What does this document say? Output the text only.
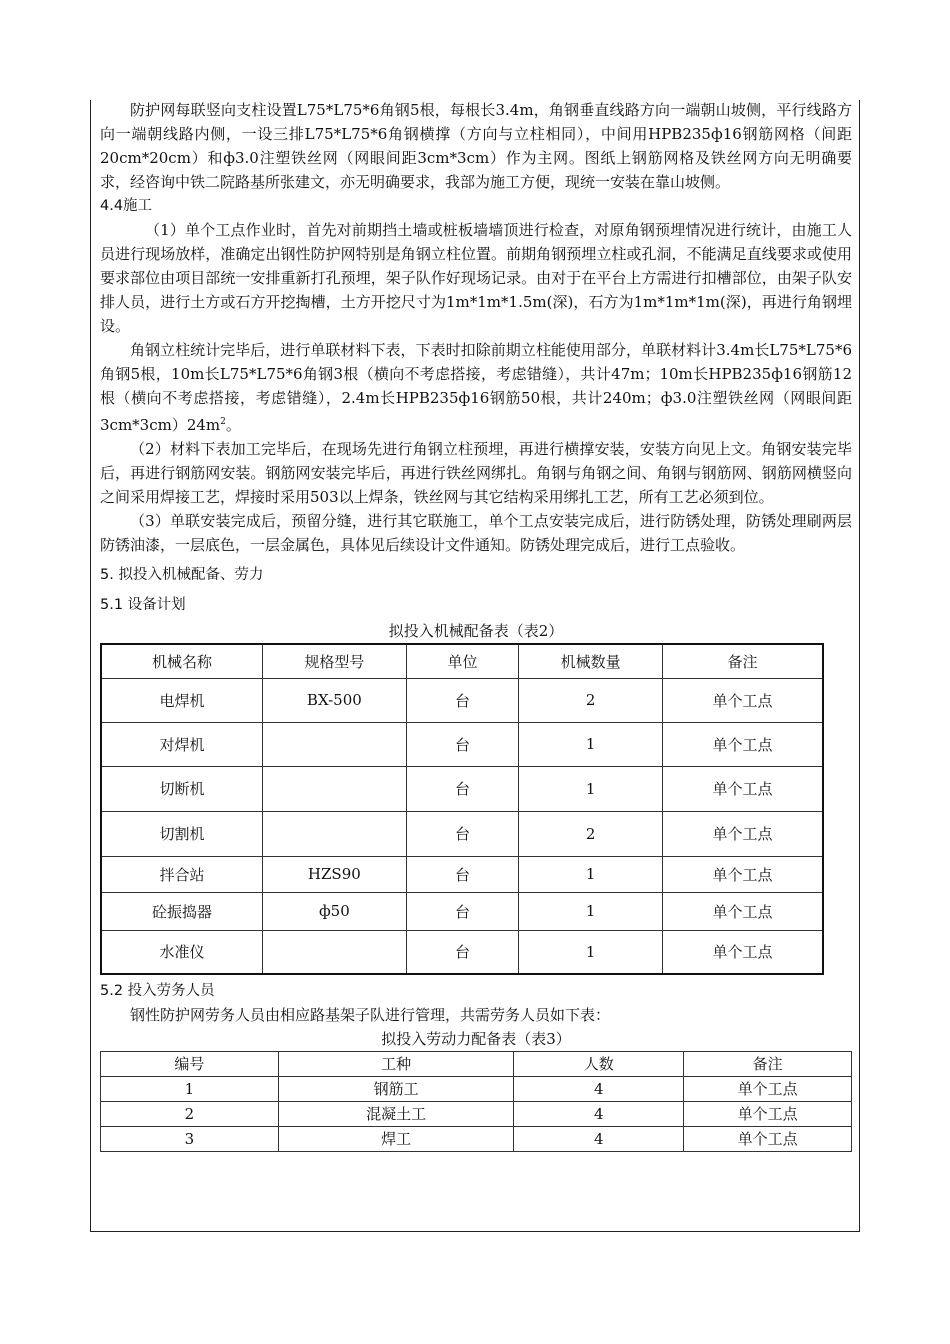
防护网每联竖向支柱设置L75*L75*6角钢5根，每根长3.4m，角钢垂直线路方向一端朝山坡侧，平行线路方向一端朝线路内侧，一设三排L75*L75*6角钢横撑（方向与立柱相同），中间用HPB235ф16钢筋网格（间距20cm*20cm）和ф3.0注塑铁丝网（网眼间距3cm*3cm）作为主网。图纸上钢筋网格及铁丝网方向无明确要求，经咨询中铁二院路基所张建文，亦无明确要求，我部为施工方便，现统一安装在靠山坡侧。

4.4施工

（1）单个工点作业时，首先对前期挡土墙或桩板墙墙顶进行检查，对原角钢预埋情况进行统计，由施工人员进行现场放样，准确定出钢性防护网特别是角钢立柱位置。前期角钢预埋立柱或孔洞，不能满足直线要求或使用要求部位由项目部统一安排重新打孔预埋，架子队作好现场记录。由对于在平台上方需进行扣槽部位，由架子队安排人员，进行土方或石方开挖掏槽，土方开挖尺寸为1m*1m*1.5m(深)，石方为1m*1m*1m(深)，再进行角钢埋设。

角钢立柱统计完毕后，进行单联材料下表，下表时扣除前期立柱能使用部分，单联材料计3.4m长L75*L75*6角钢5根，10m长L75*L75*6角钢3根（横向不考虑搭接，考虑错缝），共计47m；10m长HPB235ф16钢筋12根（横向不考虑搭接，考虑错缝），2.4m长HPB235ф16钢筋50根，共计240m；ф3.0注塑铁丝网（网眼间距$3cm*3cm)24m^2$。

（2）材料下表加工完毕后，在现场先进行角钢立柱预埋，再进行横撑安装，安装方向见上文。角钢安装完毕后，再进行钢筋网安装。钢筋网安装完毕后，再进行铁丝网绑扎。角钢与角钢之间、角钢与钢筋网、钢筋网横竖向之间采用焊接工艺，焊接时采用503以上焊条，铁丝网与其它结构采用绑扎工艺，所有工艺必须到位。

（3）单联安装完成后，预留分缝，进行其它联施工，单个工点安装完成后，进行防锈处理，防锈处理刷两层防锈油漆，一层底色，一层金属色，具体见后续设计文件通知。防锈处理完成后，进行工点验收。

5. 拟投入机械配备、劳力

5.1 设备计划

拟投入机械配备表（表2）

机械名称	规格型号	单位	机械数量	备注
电焊机	BX-500	台	2	单个工点
对焊机		台	1	单个工点
切断机		台	1	单个工点
切割机		台	2	单个工点
拌合站	HZS90	台	1	单个工点
砼振捣器	ф50	台	1	单个工点
水准仪		台	1	单个工点

5.2 投入劳务人员

钢性防护网劳务人员由相应路基架子队进行管理，共需劳务人员如下表：

拟投入劳动力配备表（表3）

编号	工种	人数	备注
1	钢筋工	4	单个工点
2	混凝土工	4	单个工点
3	焊工	4	单个工点
